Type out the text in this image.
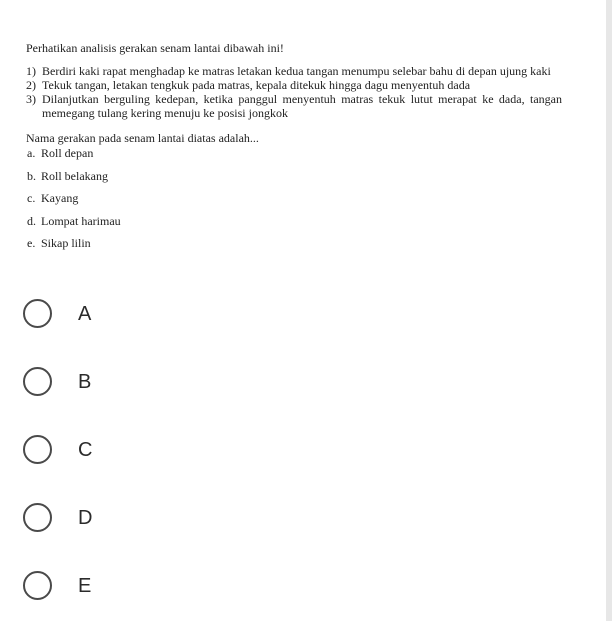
Perhatikan analisis gerakan senam lantai dibawah ini!

1) Berdiri kaki rapat menghadap ke matras letakan kedua tangan menumpu selebar bahu di depan ujung kaki
2) Tekuk tangan, letakan tengkuk pada matras, kepala ditekuk hingga dagu menyentuh dada
3) Dilanjutkan berguling kedepan, ketika panggul menyentuh matras tekuk lutut merapat ke dada, tangan memegang tulang kering menuju ke posisi jongkok

Nama gerakan pada senam lantai diatas adalah...

a. Roll depan
b. Roll belakang
c. Kayang
d. Lompat harimau
e. Sikap lilin
A
B
C
D
E
